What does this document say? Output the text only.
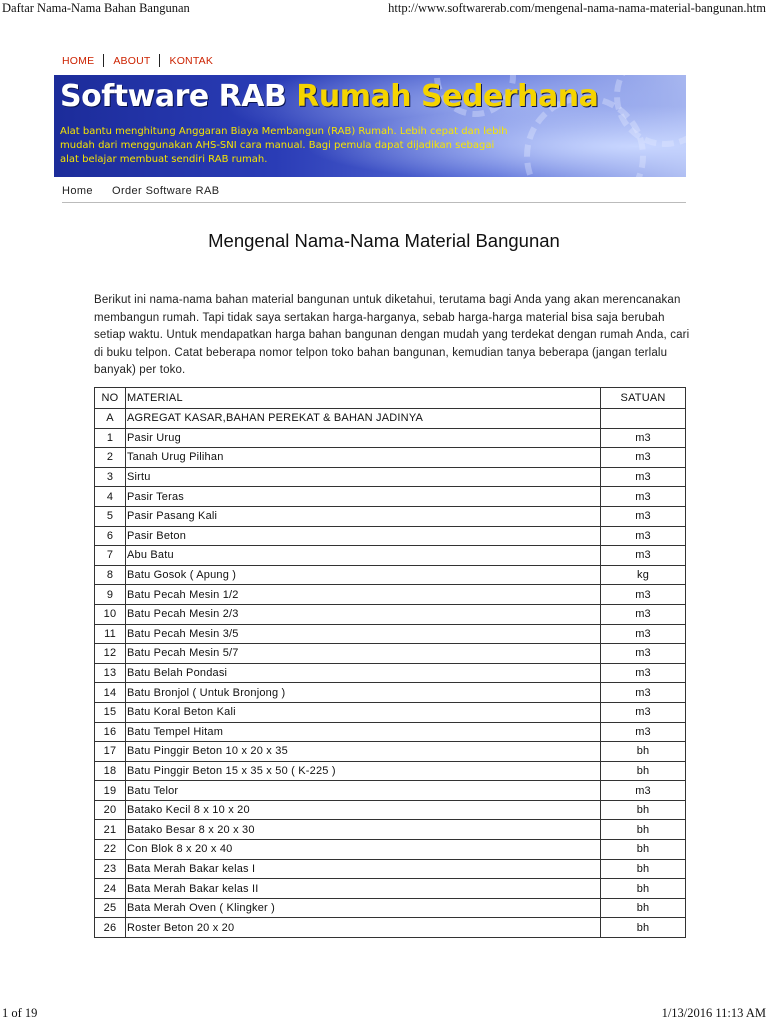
Daftar Nama-Nama Bahan Bangunan	http://www.softwarerab.com/mengenal-nama-nama-material-bangunan.htm
HOME ABOUT KONTAK
Software RAB Rumah Sederhana
Alat bantu menghitung Anggaran Biaya Membangun (RAB) Rumah. Lebih cepat dan lebih
mudah dari menggunakan AHS-SNI cara manual. Bagi pemula dapat dijadikan sebagai
alat belajar membuat sendiri RAB rumah.
Home Order Software RAB
Mengenal Nama-Nama Material Bangunan
Berikut ini nama-nama bahan material bangunan untuk diketahui, terutama bagi Anda yang akan merencanakan membangun rumah. Tapi tidak saya sertakan harga-harganya, sebab harga-harga material bisa saja berubah setiap waktu. Untuk mendapatkan harga bahan bangunan dengan mudah yang terdekat dengan rumah Anda, cari di buku telpon. Catat beberapa nomor telpon toko bahan bangunan, kemudian tanya beberapa (jangan terlalu banyak) per toko.
NO	MATERIAL	SATUAN
A	AGREGAT KASAR,BAHAN PEREKAT & BAHAN JADINYA	
1	Pasir Urug	m3
2	Tanah Urug Pilihan	m3
3	Sirtu	m3
4	Pasir Teras	m3
5	Pasir Pasang Kali	m3
6	Pasir Beton	m3
7	Abu Batu	m3
8	Batu Gosok ( Apung )	kg
9	Batu Pecah Mesin 1/2	m3
10	Batu Pecah Mesin 2/3	m3
11	Batu Pecah Mesin 3/5	m3
12	Batu Pecah Mesin 5/7	m3
13	Batu Belah Pondasi	m3
14	Batu Bronjol ( Untuk Bronjong )	m3
15	Batu Koral Beton Kali	m3
16	Batu Tempel Hitam	m3
17	Batu Pinggir Beton 10 x 20 x 35	bh
18	Batu Pinggir Beton 15 x 35 x 50 ( K-225 )	bh
19	Batu Telor	m3
20	Batako Kecil 8 x 10 x 20	bh
21	Batako Besar 8 x 20 x 30	bh
22	Con Blok 8 x 20 x 40	bh
23	Bata Merah Bakar kelas I	bh
24	Bata Merah Bakar kelas II	bh
25	Bata Merah Oven ( Klingker )	bh
26	Roster Beton 20 x 20	bh
1 of 19	1/13/2016 11:13 AM
